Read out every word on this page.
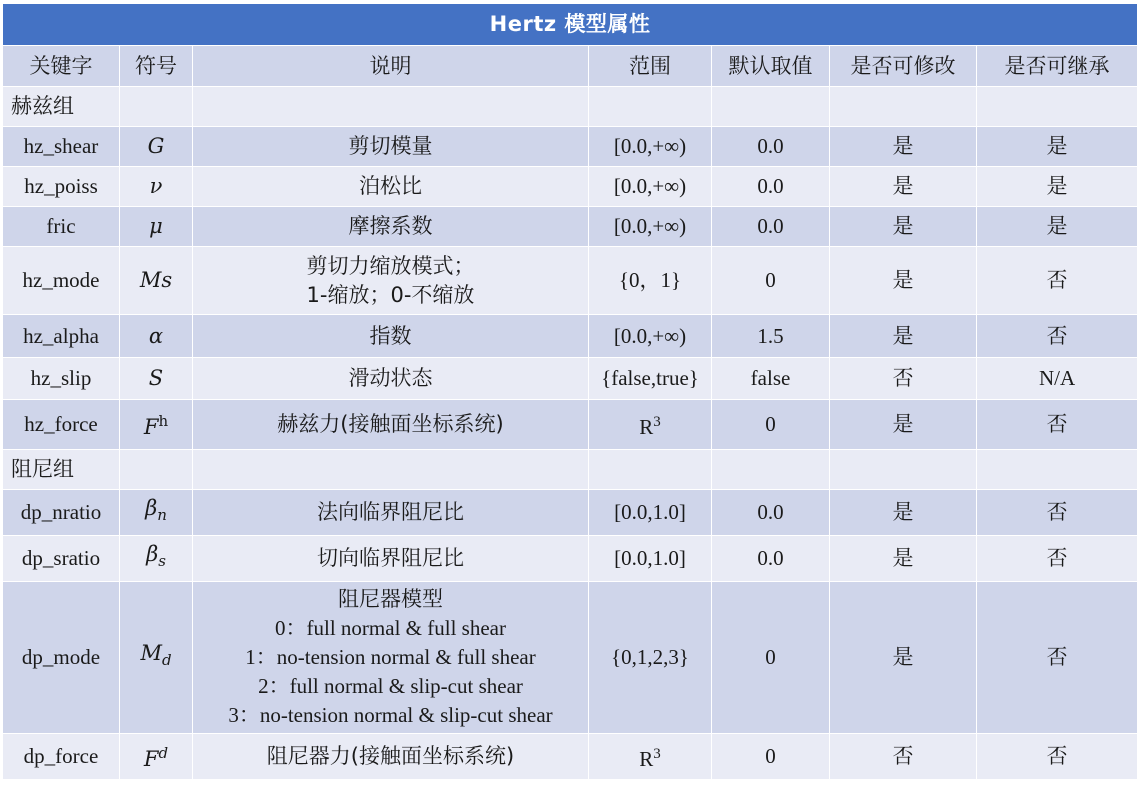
Hertz 模型属性						
关键字	符号	说明	范围	默认取值	是否可修改	是否可继承
赫兹组						
hz_shear	G	剪切模量	[0.0,+∞)	0.0	是	是
hz_poiss	ν	泊松比	[0.0,+∞)	0.0	是	是
fric	μ	摩擦系数	[0.0,+∞)	0.0	是	是
hz_mode	Ms	剪切力缩放模式；
1-缩放；0-不缩放	{0，1}	0	是	否
hz_alpha	α	指数	[0.0,+∞)	1.5	是	否
hz_slip	S	滑动状态	{false,true}	false	否	N/A
hz_force	$F^h$	赫兹力(接触面坐标系统)	$R^3$	0	是	否
阻尼组						
dp_nratio	$\beta_n$	法向临界阻尼比	[0.0,1.0]	0.0	是	否
dp_sratio	$\beta_s$	切向临界阻尼比	[0.0,1.0]	0.0	是	否
dp_mode	$M_d$	阻尼器模型
0：full normal & full shear
1：no-tension normal & full shear
2：full normal & slip-cut shear
3：no-tension normal & slip-cut shear	{0,1,2,3}	0	是	否
dp_force	$F^d$	阻尼器力(接触面坐标系统)	$R^3$	0	否	否
